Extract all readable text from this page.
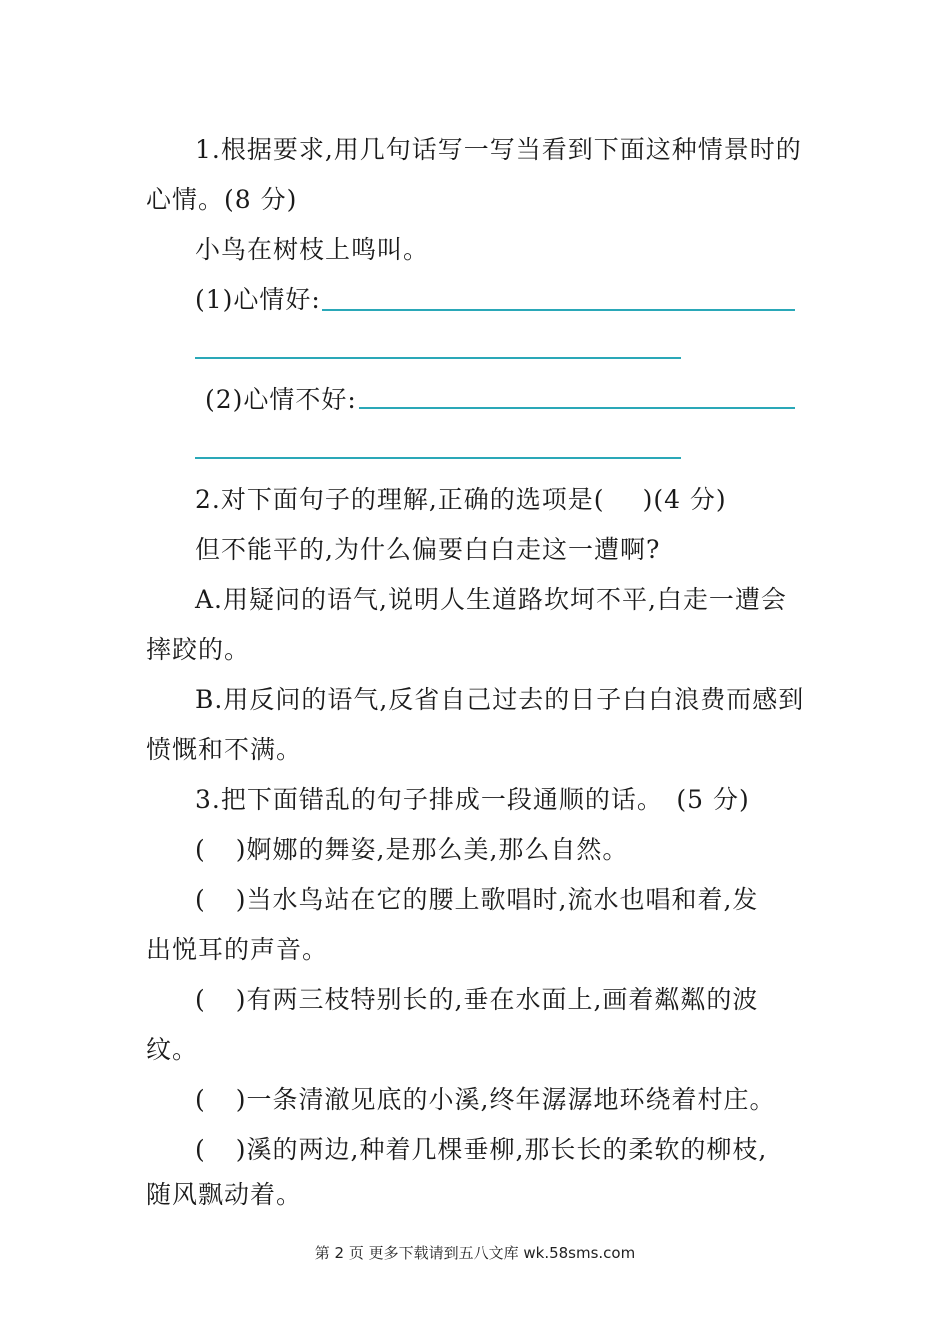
1.根据要求,用几句话写一写当看到下面这种情景时的
心情。(8 分)
小鸟在树枝上鸣叫。
(1)心情好:
(2)心情不好:
2.对下面句子的理解,正确的选项是( )(4 分)
但不能平的,为什么偏要白白走这一遭啊?
A.用疑问的语气,说明人生道路坎坷不平,白走一遭会
摔跤的。
B.用反问的语气,反省自己过去的日子白白浪费而感到
愤慨和不满。
3.把下面错乱的句子排成一段通顺的话。　(5 分)
( )婀娜的舞姿,是那么美,那么自然。
( )当水鸟站在它的腰上歌唱时,流水也唱和着,发
出悦耳的声音。
( )有两三枝特别长的,垂在水面上,画着粼粼的波
纹。
( )一条清澈见底的小溪,终年潺潺地环绕着村庄。
( )溪的两边,种着几棵垂柳,那长长的柔软的柳枝,
随风飘动着。
第 2 页 更多下载请到五八文库 wk.58sms.com
